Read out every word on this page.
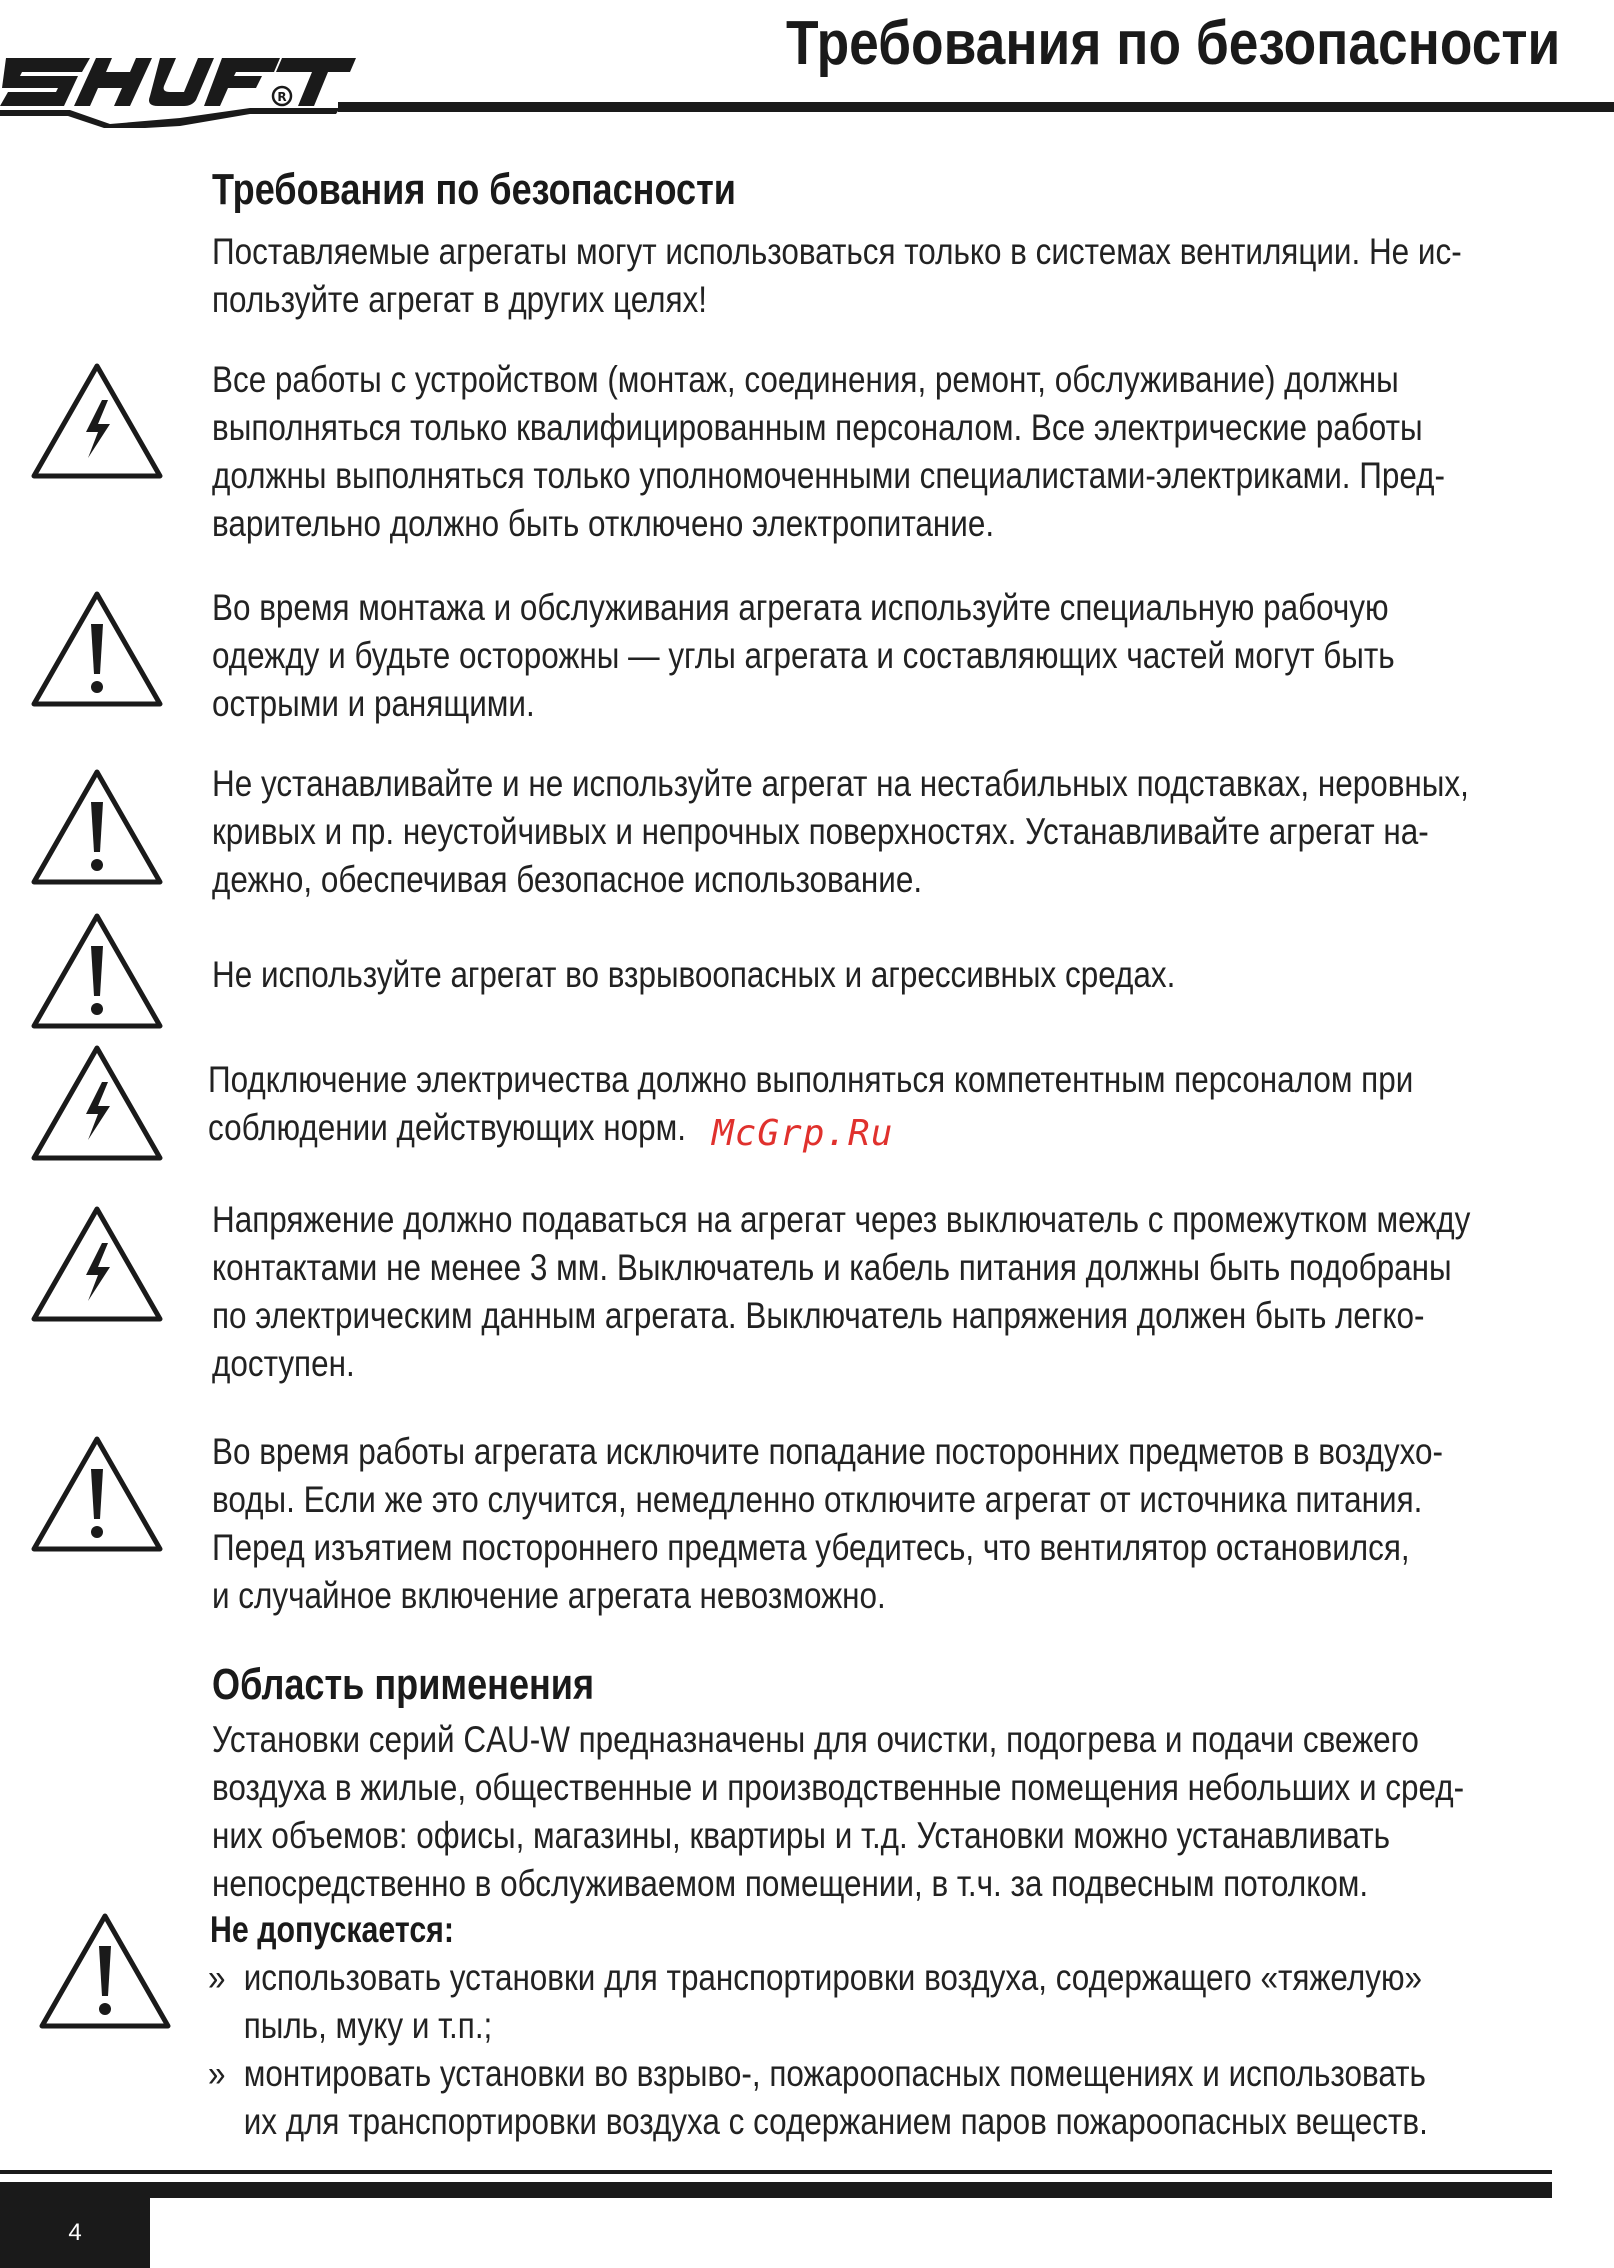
R
Требования по безопасности
Требования по безопасности
Поставляемые агрегаты могут использоваться только в системах вентиляции. Не ис-
пользуйте агрегат в других целях!
Все работы с устройством (монтаж, соединения, ремонт, обслуживание) должны
выполняться только квалифицированным персоналом. Все электрические работы
должны выполняться только уполномоченными специалистами-электриками. Пред-
варительно должно быть отключено электропитание.
Во время монтажа и обслуживания агрегата используйте специальную рабочую
одежду и будьте осторожны — углы агрегата и составляющих частей могут быть
острыми и ранящими.
Не устанавливайте и не используйте агрегат на нестабильных подставках, неровных,
кривых и пр. неустойчивых и непрочных поверхностях. Устанавливайте агрегат на-
дежно, обеспечивая безопасное использование.
Не используйте агрегат во взрывоопасных и агрессивных средах.
Подключение электричества должно выполняться компетентным персоналом при
соблюдении действующих норм. McGrp.Ru
Напряжение должно подаваться на агрегат через выключатель с промежутком между
контактами не менее 3 мм. Выключатель и кабель питания должны быть подобраны
по электрическим данным агрегата. Выключатель напряжения должен быть легко-
доступен.
Во время работы агрегата исключите попадание посторонних предметов в воздухо-
воды. Если же это случится, немедленно отключите агрегат от источника питания.
Перед изъятием постороннего предмета убедитесь, что вентилятор остановился,
и случайное включение агрегата невозможно.
Область применения
Установки серий CAU-W предназначены для очистки, подогрева и подачи свежего
воздуха в жилые, общественные и производственные помещения небольших и сред-
них объемов: офисы, магазины, квартиры и т.д. Установки можно устанавливать
непосредственно в обслуживаемом помещении, в т.ч. за подвесным потолком.
Не допускается:
» использовать установки для транспортировки воздуха, содержащего «тяжелую»
пыль, муку и т.п.;
» монтировать установки во взрыво-, пожароопасных помещениях и использовать
их для транспортировки воздуха с содержанием паров пожароопасных веществ.
4
